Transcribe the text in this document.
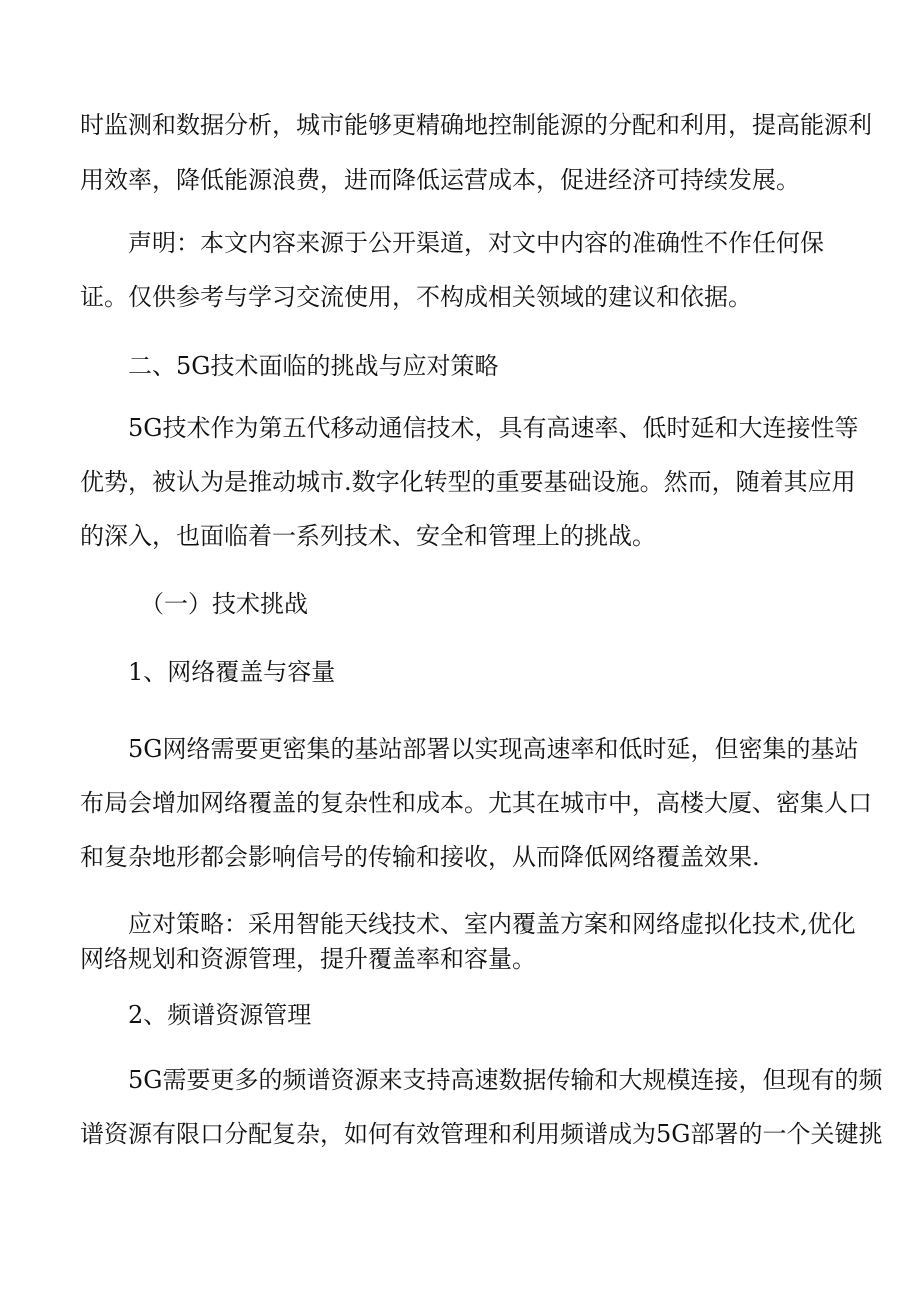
时监测和数据分析，城市能够更精确地控制能源的分配和利用，提高能源利
用效率，降低能源浪费，进而降低运营成本，促进经济可持续发展。
声明：本文内容来源于公开渠道，对文中内容的准确性不作任何保
证。仅供参考与学习交流使用，不构成相关领域的建议和依据。
二、5G技术面临的挑战与应对策略
5G技术作为第五代移动通信技术，具有高速率、低时延和大连接性等
优势，被认为是推动城市.数字化转型的重要基础设施。然而，随着其应用
的深入，也面临着一系列技术、安全和管理上的挑战。
（一）技术挑战
1、网络覆盖与容量
5G网络需要更密集的基站部署以实现高速率和低时延，但密集的基站
布局会增加网络覆盖的复杂性和成本。尤其在城市中，高楼大厦、密集人口
和复杂地形都会影响信号的传输和接收，从而降低网络覆盖效果.
应对策略：采用智能天线技术、室内覆盖方案和网络虚拟化技术,优化
网络规划和资源管理，提升覆盖率和容量。
2、频谱资源管理
5G需要更多的频谱资源来支持高速数据传输和大规模连接，但现有的频
谱资源有限口分配复杂，如何有效管理和利用频谱成为5G部署的一个关键挑
